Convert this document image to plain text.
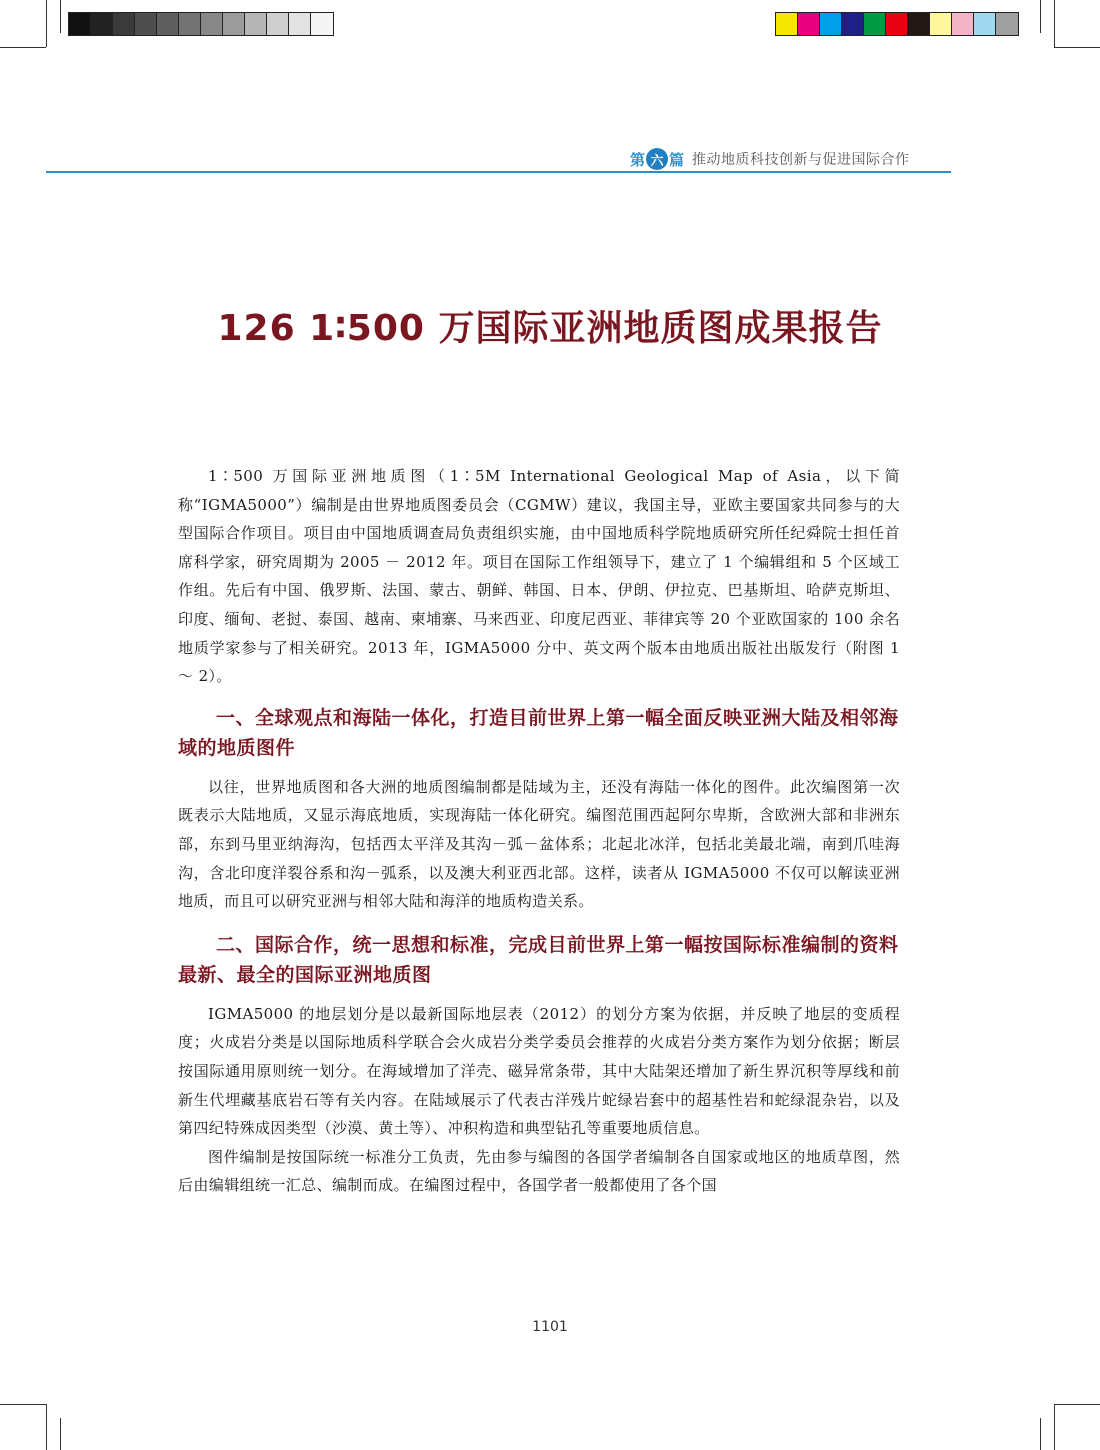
第 六 篇 推动地质科技创新与促进国际合作
126 1∶500 万国际亚洲地质图成果报告

1∶500 万国际亚洲地质图（1∶5M International Geological Map of Asia，以下简称“IGMA5000”）编制是由世界地质图委员会（CGMW）建议，我国主导，亚欧主要国家共同参与的大型国际合作项目。项目由中国地质调查局负责组织实施，由中国地质科学院地质研究所任纪舜院士担任首席科学家，研究周期为 2005 － 2012 年。项目在国际工作组领导下，建立了 1 个编辑组和 5 个区域工作组。先后有中国、俄罗斯、法国、蒙古、朝鲜、韩国、日本、伊朗、伊拉克、巴基斯坦、哈萨克斯坦、印度、缅甸、老挝、泰国、越南、柬埔寨、马来西亚、印度尼西亚、菲律宾等 20 个亚欧国家的 100 余名地质学家参与了相关研究。2013 年，IGMA5000 分中、英文两个版本由地质出版社出版发行（附图 1 ～ 2）。

一、全球观点和海陆一体化，打造目前世界上第一幅全面反映亚洲大陆及相邻海域的地质图件

以往，世界地质图和各大洲的地质图编制都是陆域为主，还没有海陆一体化的图件。此次编图第一次既表示大陆地质，又显示海底地质，实现海陆一体化研究。编图范围西起阿尔卑斯，含欧洲大部和非洲东部，东到马里亚纳海沟，包括西太平洋及其沟－弧－盆体系；北起北冰洋，包括北美最北端，南到爪哇海沟，含北印度洋裂谷系和沟－弧系，以及澳大利亚西北部。这样，读者从 IGMA5000 不仅可以解读亚洲地质，而且可以研究亚洲与相邻大陆和海洋的地质构造关系。

二、国际合作，统一思想和标准，完成目前世界上第一幅按国际标准编制的资料最新、最全的国际亚洲地质图

IGMA5000 的地层划分是以最新国际地层表（2012）的划分方案为依据，并反映了地层的变质程度；火成岩分类是以国际地质科学联合会火成岩分类学委员会推荐的火成岩分类方案作为划分依据；断层按国际通用原则统一划分。在海域增加了洋壳、磁异常条带，其中大陆架还增加了新生界沉积等厚线和前新生代埋藏基底岩石等有关内容。在陆域展示了代表古洋残片蛇绿岩套中的超基性岩和蛇绿混杂岩，以及第四纪特殊成因类型（沙漠、黄土等）、冲积构造和典型钻孔等重要地质信息。

图件编制是按国际统一标准分工负责，先由参与编图的各国学者编制各自国家或地区的地质草图，然后由编辑组统一汇总、编制而成。在编图过程中，各国学者一般都使用了各个国

1101
